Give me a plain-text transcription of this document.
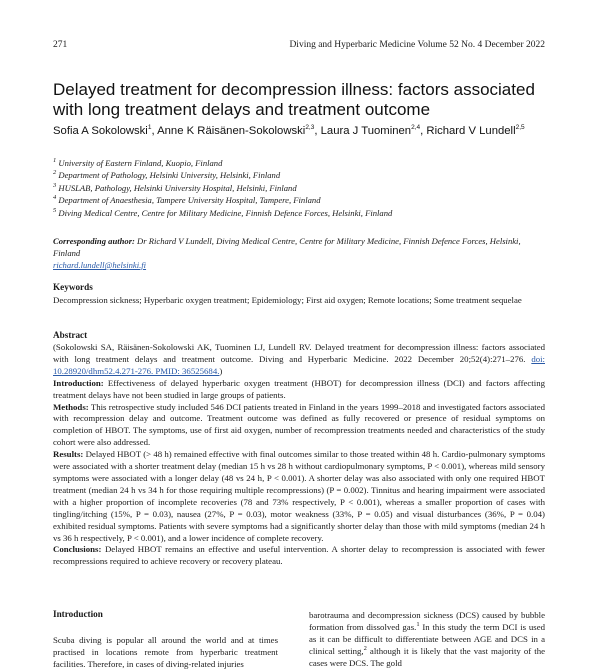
271	Diving and Hyperbaric Medicine Volume 52 No. 4 December 2022
Delayed treatment for decompression illness: factors associated with long treatment delays and treatment outcome
Sofia A Sokolowski$^1$, Anne K Räisänen-Sokolowski$^{2,3}$, Laura J Tuominen$^{2,4}$, Richard V Lundell$^{2,5}$
$^1$ University of Eastern Finland, Kuopio, Finland
$^2$ Department of Pathology, Helsinki University, Helsinki, Finland
$^3$ HUSLAB, Pathology, Helsinki University Hospital, Helsinki, Finland
$^4$ Department of Anaesthesia, Tampere University Hospital, Tampere, Finland
$^5$ Diving Medical Centre, Centre for Military Medicine, Finnish Defence Forces, Helsinki, Finland
Corresponding author: Dr Richard V Lundell, Diving Medical Centre, Centre for Military Medicine, Finnish Defence Forces, Helsinki, Finland
richard.lundell@helsinki.fi
Keywords
Decompression sickness; Hyperbaric oxygen treatment; Epidemiology; First aid oxygen; Remote locations; Some treatment sequelae
Abstract

(Sokolowski SA, Räisänen-Sokolowski AK, Tuominen LJ, Lundell RV. Delayed treatment for decompression illness: factors associated with long treatment delays and treatment outcome. Diving and Hyperbaric Medicine. 2022 December 20;52(4):271–276. doi: 10.28920/dhm52.4.271-276. PMID: 36525684.)

Introduction: Effectiveness of delayed hyperbaric oxygen treatment (HBOT) for decompression illness (DCI) and factors affecting treatment delays have not been studied in large groups of patients.

Methods: This retrospective study included 546 DCI patients treated in Finland in the years 1999–2018 and investigated factors associated with recompression delay and outcome. Treatment outcome was defined as fully recovered or presence of residual symptoms on completion of HBOT. The symptoms, use of first aid oxygen, number of recompression treatments needed and characteristics of the study cohort were also addressed.

Results: Delayed HBOT (> 48 h) remained effective with final outcomes similar to those treated within 48 h. Cardio-pulmonary symptoms were associated with a shorter treatment delay (median 15 h vs 28 h without cardiopulmonary symptoms, P < 0.001), whereas mild sensory symptoms were associated with a longer delay (48 vs 24 h, P < 0.001). A shorter delay was also associated with only one required HBOT treatment (median 24 h vs 34 h for those requiring multiple recompressions) (P = 0.002). Tinnitus and hearing impairment were associated with a higher proportion of incomplete recoveries (78 and 73% respectively, P < 0.001), whereas a smaller proportion of cases with tingling/itching (15%, P = 0.03), nausea (27%, P = 0.03), motor weakness (33%, P = 0.05) and visual disturbances (36%, P = 0.04) exhibited residual symptoms. Patients with severe symptoms had a significantly shorter delay than those with mild symptoms (median 24 h vs 36 h respectively, P < 0.001), and a lower incidence of complete recovery.

Conclusions: Delayed HBOT remains an effective and useful intervention. A shorter delay to recompression is associated with fewer recompressions required to achieve recovery or recovery plateau.

Introduction

Scuba diving is popular all around the world and at times practised in locations remote from hyperbaric treatment facilities. Therefore, in cases of diving-related injuries

barotrauma and decompression sickness (DCS) caused by bubble formation from dissolved gas.$^1$ In this study the term DCI is used as it can be difficult to differentiate between AGE and DCS in a clinical setting,$^2$ although it is likely that the vast majority of the cases were DCS. The gold
